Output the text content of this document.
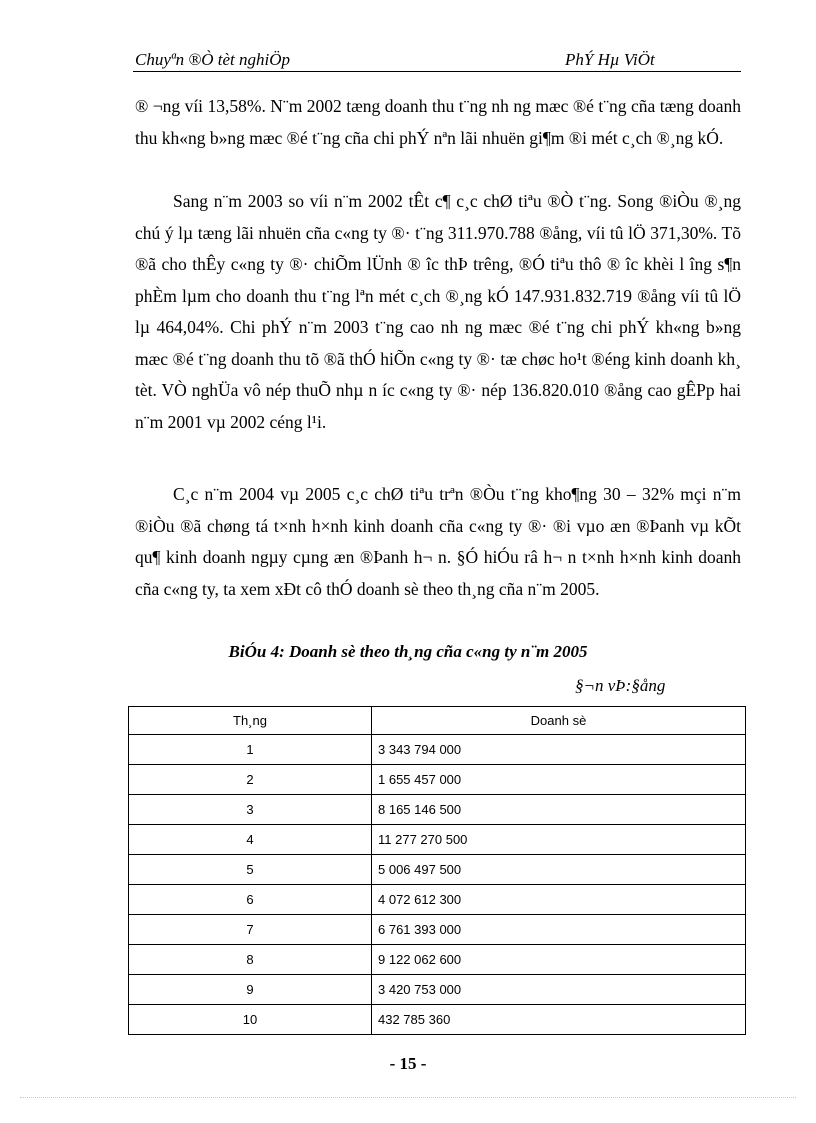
Chuyªn ®Ò tèt nghiÖp	PhÝ Hµ ViÖt

® ¬ng víi 13,58%. N¨m 2002 tæng doanh thu t¨ng nh ng mæc ®é t¨ng cña tæng doanh thu kh«ng b»ng mæc ®é t¨ng cña chi phÝ nªn lãi nhuën gi¶m ®i mét c¸ch ®¸ng kÓ.

Sang n¨m 2003 so víi n¨m 2002 tÊt c¶ c¸c chØ tiªu ®Ò t¨ng. Song ®iÒu ®¸ng chú ý lµ tæng lãi nhuën cña c«ng ty ®· t¨ng 311.970.788 ®ång, víi tû lÖ 371,30%. Tõ ®ã cho thÊy c«ng ty ®· chiÕm lÜnh ® îc thÞ trêng, ®Ó tiªu thô ® îc khèi l îng s¶n phÈm lµm cho doanh thu t¨ng lªn mét c¸ch ®¸ng kÓ 147.931.832.719 ®ång víi tû lÖ lµ 464,04%. Chi phÝ n¨m 2003 t¨ng cao nh ng mæc ®é t¨ng chi phÝ kh«ng b»ng mæc ®é t¨ng doanh thu tõ ®ã thÓ hiÕn c«ng ty ®· tæ chøc ho¹t ®éng kinh doanh kh¸ tèt. VÒ nghÜa vô nép thuÕ nhµ n íc c«ng ty ®· nép 136.820.010 ®ång cao gÊPp hai n¨m 2001 vµ 2002 céng l¹i.

C¸c n¨m 2004 vµ 2005 c¸c chØ tiªu trªn ®Òu t¨ng kho¶ng 30 – 32% mçi n¨m ®iÒu ®ã chøng tá t×nh h×nh kinh doanh cña c«ng ty ®· ®i vµo æn ®Þanh vµ kÕt qu¶ kinh doanh ngµy cµng æn ®Þanh h¬ n. §Ó hiÓu râ h¬ n t×nh h×nh kinh doanh cña c«ng ty, ta xem xÐt cô thÓ doanh sè theo th¸ng cña n¨m 2005.

BiÓu 4: Doanh sè theo th¸ng cña c«ng ty n¨m 2005
§¬n vÞ:§ång
Th¸ng	Doanh sè
1	3 343 794 000
2	1 655 457 000
3	8 165 146 500
4	11 277 270 500
5	5 006 497 500
6	4 072 612 300
7	6 761 393 000
8	9 122 062 600
9	3 420 753 000
10	432 785 360
- 15 -
